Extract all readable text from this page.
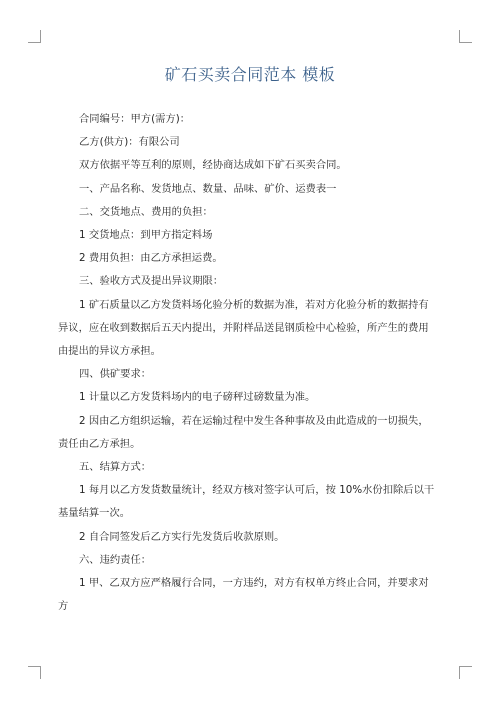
矿石买卖合同范本 模板

合同编号：甲方(需方)：

乙方(供方)：有限公司

双方依据平等互利的原则，经协商达成如下矿石买卖合同。

一、产品名称、发货地点、数量、品味、矿价、运费表一

二、交货地点、费用的负担：

1 交货地点：到甲方指定料场

2 费用负担：由乙方承担运费。

三、验收方式及提出异议期限：

1 矿石质量以乙方发货料场化验分析的数据为准，若对方化验分析的数据持有异议，应在收到数据后五天内提出，并附样品送昆钢质检中心检验，所产生的费用由提出的异议方承担。

四、供矿要求：

1 计量以乙方发货料场内的电子磅秤过磅数量为准。

2 因由乙方组织运输，若在运输过程中发生各种事故及由此造成的一切损失，责任由乙方承担。

五、结算方式：

1 每月以乙方发货数量统计，经双方核对签字认可后，按 10%水份扣除后以干基量结算一次。

2 自合同签发后乙方实行先发货后收款原则。

六、违约责任：

1 甲、乙双方应严格履行合同，一方违约，对方有权单方终止合同，并要求对方
